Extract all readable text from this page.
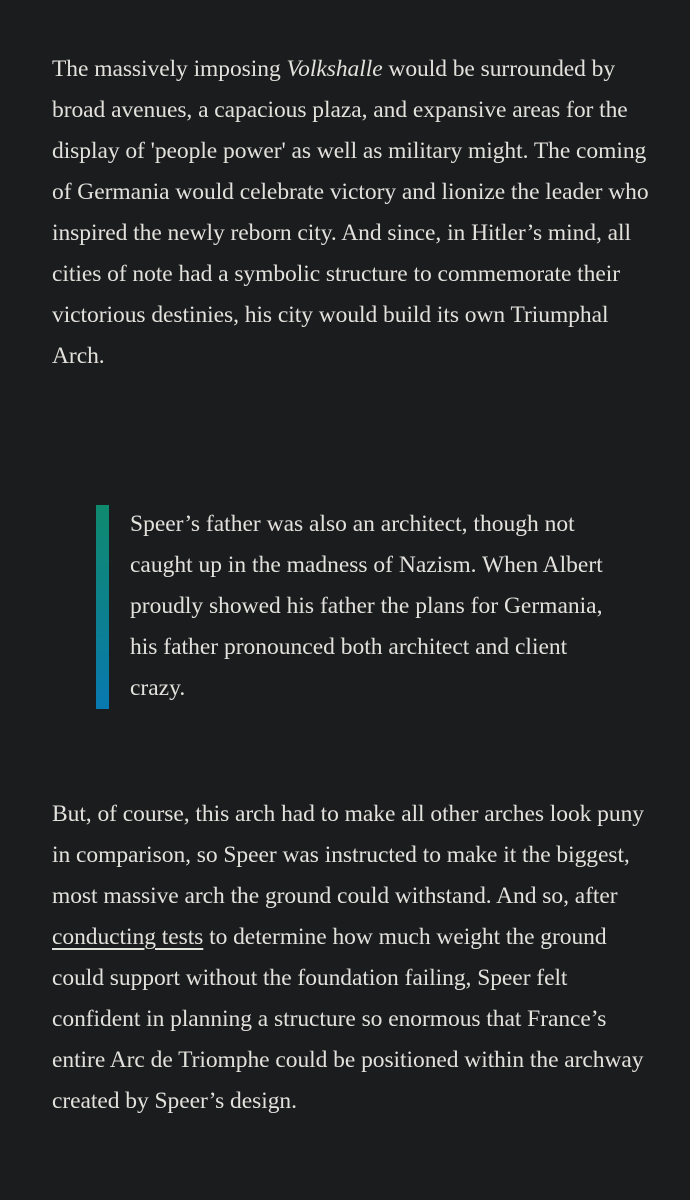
The massively imposing Volkshalle would be surrounded by broad avenues, a capacious plaza, and expansive areas for the display of 'people power' as well as military might. The coming of Germania would celebrate victory and lionize the leader who inspired the newly reborn city. And since, in Hitler’s mind, all cities of note had a symbolic structure to commemorate their victorious destinies, his city would build its own Triumphal Arch.

Speer’s father was also an architect, though not caught up in the madness of Nazism. When Albert proudly showed his father the plans for Germania, his father pronounced both architect and client crazy.

But, of course, this arch had to make all other arches look puny in comparison, so Speer was instructed to make it the biggest, most massive arch the ground could withstand. And so, after conducting tests to determine how much weight the ground could support without the foundation failing, Speer felt confident in planning a structure so enormous that France’s entire Arc de Triomphe could be positioned within the archway created by Speer’s design.
